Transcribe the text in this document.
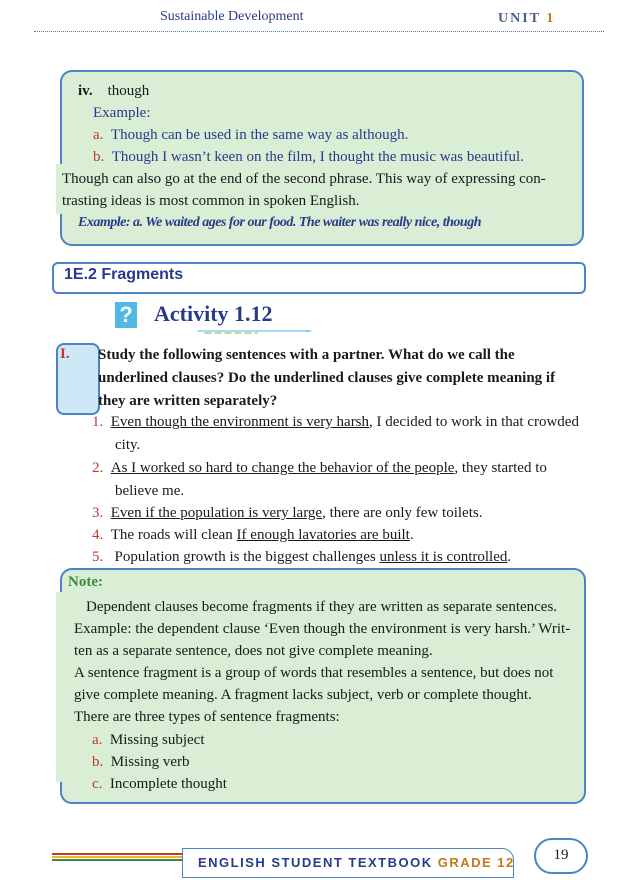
Sustainable Development	UNIT 1
iv. though
Example:
a. Though can be used in the same way as although.
b. Though I wasn’t keen on the film, I thought the music was beautiful.
Though can also go at the end of the second phrase. This way of expressing con-
trasting ideas is most common in spoken English.
Example: a. We waited ages for our food. The waiter was really nice, though
1E.2 Fragments
? Activity 1.12
I. Study the following sentences with a partner. What do we call the
underlined clauses? Do the underlined clauses give complete meaning if
they are written separately?
1. Even though the environment is very harsh, I decided to work in that crowded
city.
2. As I worked so hard to change the behavior of the people, they started to
believe me.
3. Even if the population is very large, there are only few toilets.
4. The roads will clean If enough lavatories are built.
5.   Population growth is the biggest challenges unless it is controlled.
Note:
Dependent clauses become fragments if they are written as separate sentences.
Example: the dependent clause ‘Even though the environment is very harsh.’ Writ-
ten as a separate sentence, does not give complete meaning.
A sentence fragment is a group of words that resembles a sentence, but does not
give complete meaning. A fragment lacks subject, verb or complete thought.
There are three types of sentence fragments:
a. Missing subject
b. Missing verb
c. Incomplete thought
ENGLISH STUDENT TEXTBOOK GRADE 12	19
